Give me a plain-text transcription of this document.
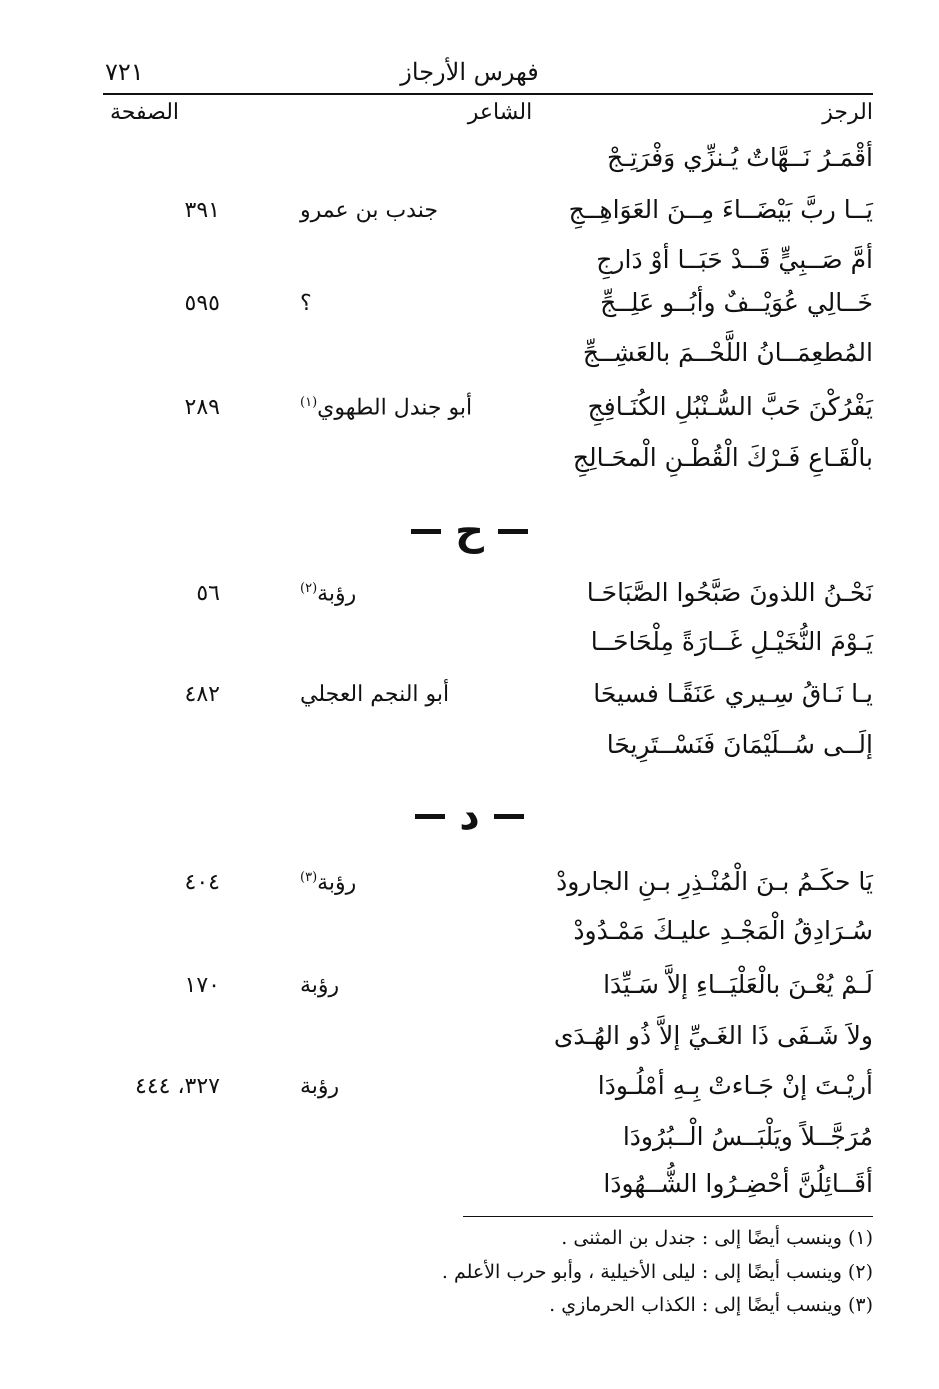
فهرس الأرجاز
٧٢١
الرجز
الشاعر
الصفحة
أقْمَـرُ نَــهَّاتٌ يُـنزِّي وَفْرَتِـجْ
يَــا ربَّ بَيْضَــاءَ مِــنَ العَوَاهِــجِ
جندب بن عمرو
٣٩١
أمَّ صَــبِيٍّ قَــدْ حَبَــا أوْ دَارجِ
خَــالِي عُوَيْــفٌ وأبُــو عَلِــجِّ
؟
٥٩٥
المُطعِمَــانُ اللَّحْــمَ بالعَشِــجِّ
يَفْرُكْنَ حَبَّ السُّـنْبُلِ الكُنَـافِجِ
أبو جندل الطهوي$^{(١)}$
٢٨٩
بالْقَـاعِ فَـرْكَ الْقُطْـنِ الْمحَـالِجِ
ح
نَحْـنُ اللذونَ صَبَّحُوا الصَّبَاحَـا
رؤبة$^{(٢)}$
٥٦
يَـوْمَ النُّخَيْـلِ غَــارَةً مِلْحَاحَــا
يـا نَـاقُ سِـيري عَنَقًـا فسيحَا
أبو النجم العجلي
٤٨٢
إلَــى سُــلَيْمَانَ فَنَسْــتَرِيحَا
د
يَا حكَـمُ بـنَ الْمُنْـذِرِ بـنِ الجارودْ
رؤبة$^{(٣)}$
٤٠٤
سُـرَادِقُ الْمَجْـدِ عليـكَ مَمْـدُودْ
لَـمْ يُعْـنَ بالْعَلْيَــاءِ إلاَّ سَـيِّدَا
رؤبة
١٧٠
ولاَ شَـفَى ذَا الغَـيِّ إلاَّ ذُو الهُـدَى
أريْـتَ إنْ جَـاءتْ بِـهِ أمْلُـودَا
رؤبة
٣٢٧، ٤٤٤
مُرَجَّــلاً ويَلْبَــسُ الْــبُرُودَا
أقَــائِلُنَّ أحْضِـرُوا الشُّــهُودَا
(١) وينسب أيضًا إلى : جندل بن المثنى .
(٢) وينسب أيضًا إلى : ليلى الأخيلية ، وأبو حرب الأعلم .
(٣) وينسب أيضًا إلى : الكذاب الحرمازي .
